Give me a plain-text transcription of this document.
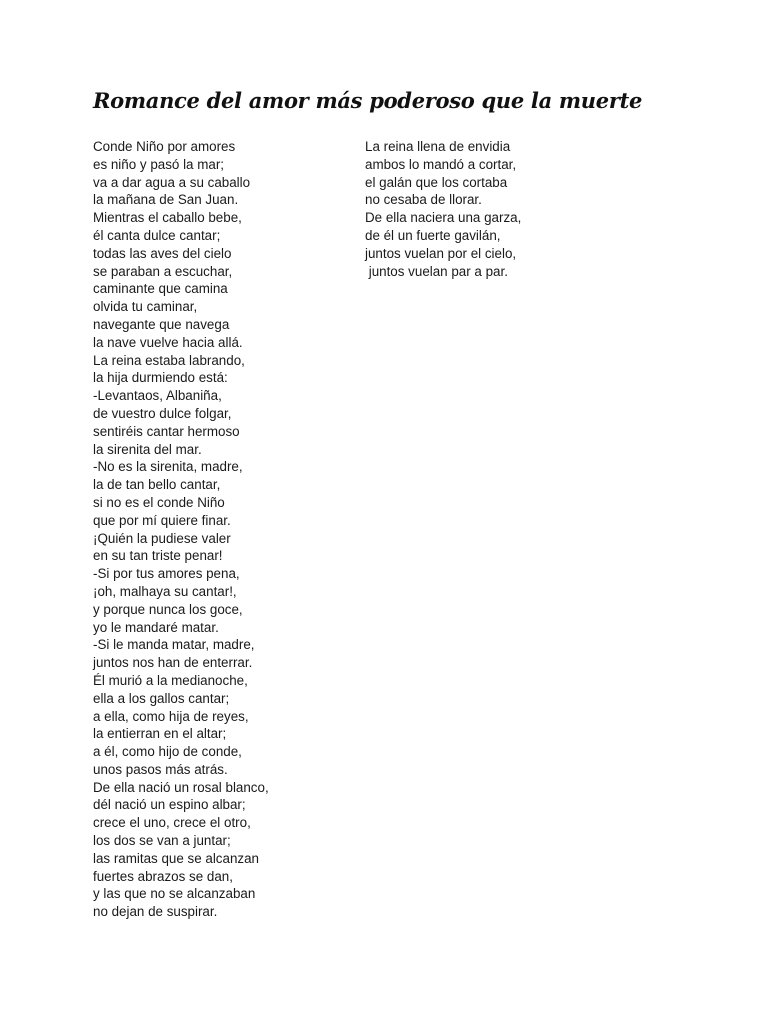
Romance del amor más poderoso que la muerte
Conde Niño por amores
es niño y pasó la mar;
va a dar agua a su caballo
la mañana de San Juan.
Mientras el caballo bebe,
él canta dulce cantar;
todas las aves del cielo
se paraban a escuchar,
caminante que camina
olvida tu caminar,
navegante que navega
la nave vuelve hacia allá.
La reina estaba labrando,
la hija durmiendo está:
-Levantaos, Albaniña,
de vuestro dulce folgar,
sentiréis cantar hermoso
la sirenita del mar.
-No es la sirenita, madre,
la de tan bello cantar,
si no es el conde Niño
que por mí quiere finar.
¡Quién la pudiese valer
en su tan triste penar!
-Si por tus amores pena,
¡oh, malhaya su cantar!,
y porque nunca los goce,
yo le mandaré matar.
-Si le manda matar, madre,
juntos nos han de enterrar.
Él murió a la medianoche,
ella a los gallos cantar;
a ella, como hija de reyes,
la entierran en el altar;
a él, como hijo de conde,
unos pasos más atrás.
De ella nació un rosal blanco,
dél nació un espino albar;
crece el uno, crece el otro,
los dos se van a juntar;
las ramitas que se alcanzan
fuertes abrazos se dan,
y las que no se alcanzaban
no dejan de suspirar.
La reina llena de envidia
ambos lo mandó a cortar,
el galán que los cortaba
no cesaba de llorar.
De ella naciera una garza,
de él un fuerte gavilán,
juntos vuelan por el cielo,
juntos vuelan par a par.
